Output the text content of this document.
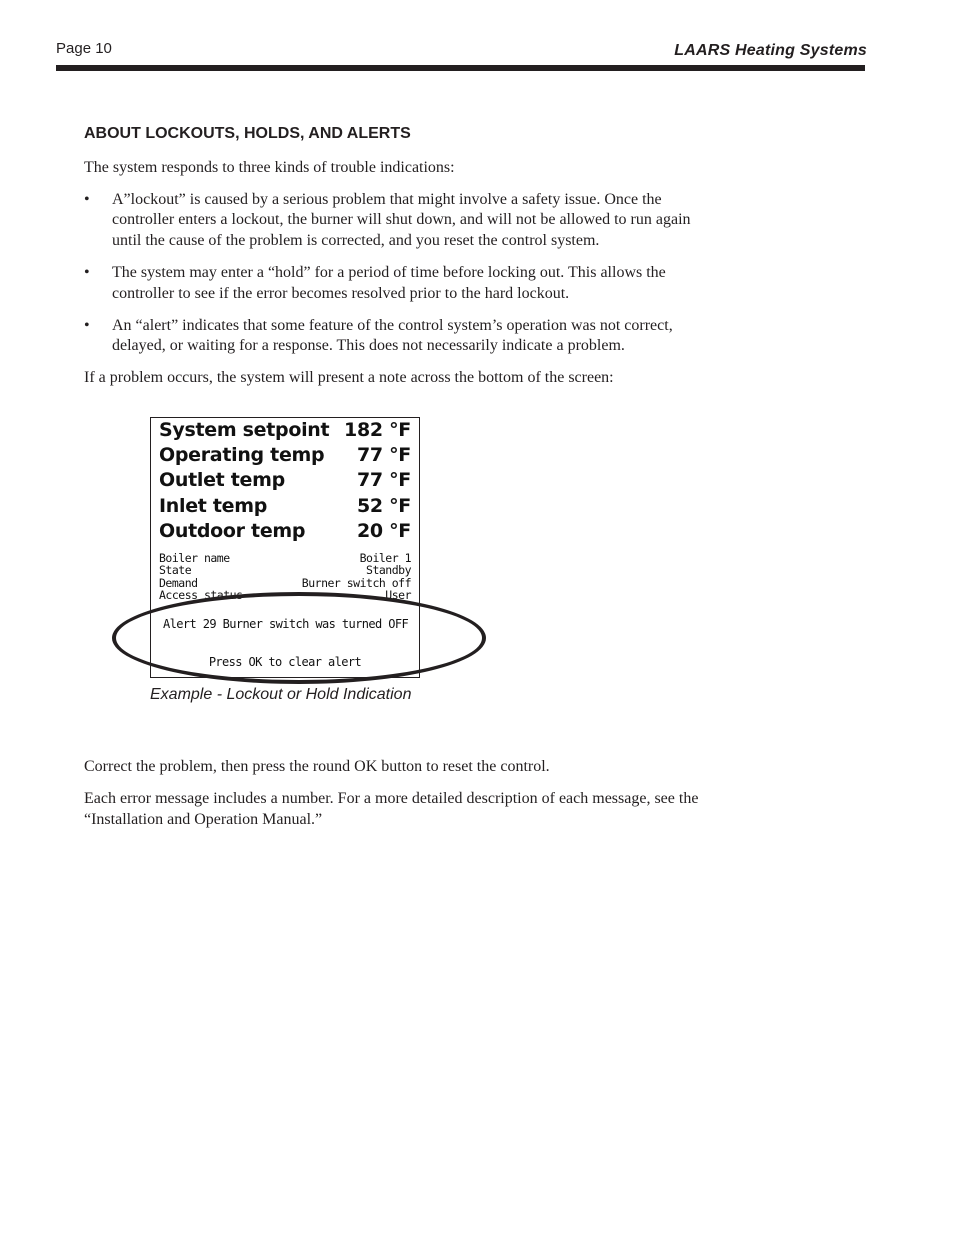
Page 10	LAARS Heating Systems
ABOUT LOCKOUTS, HOLDS, AND ALERTS

The system responds to three kinds of trouble indications:

• A”lockout” is caused by a serious problem that might involve a safety issue. Once the controller enters a lockout, the burner will shut down, and will not be allowed to run again until the cause of the problem is corrected, and you reset the control system.
• The system may enter a “hold” for a period of time before locking out. This allows the controller to see if the error becomes resolved prior to the hard lockout.
• An “alert” indicates that some feature of the control system’s operation was not correct, delayed, or waiting for a response. This does not necessarily indicate a problem.

If a problem occurs, the system will present a note across the bottom of the screen:

System setpoint 182 °F
Operating temp 77 °F
Outlet temp	77 °F
Inlet temp	52 °F
Outdoor temp	20 °F
Boiler name	Boiler 1
State	Standby
Demand	Burner switch off
Access status	User
Alert 29 Burner switch was turned OFF
Press OK to clear alert
Example - Lockout or Hold Indication

Correct the problem, then press the round OK button to reset the control.

Each error message includes a number. For a more detailed description of each message, see the “Installation and Operation Manual.”
